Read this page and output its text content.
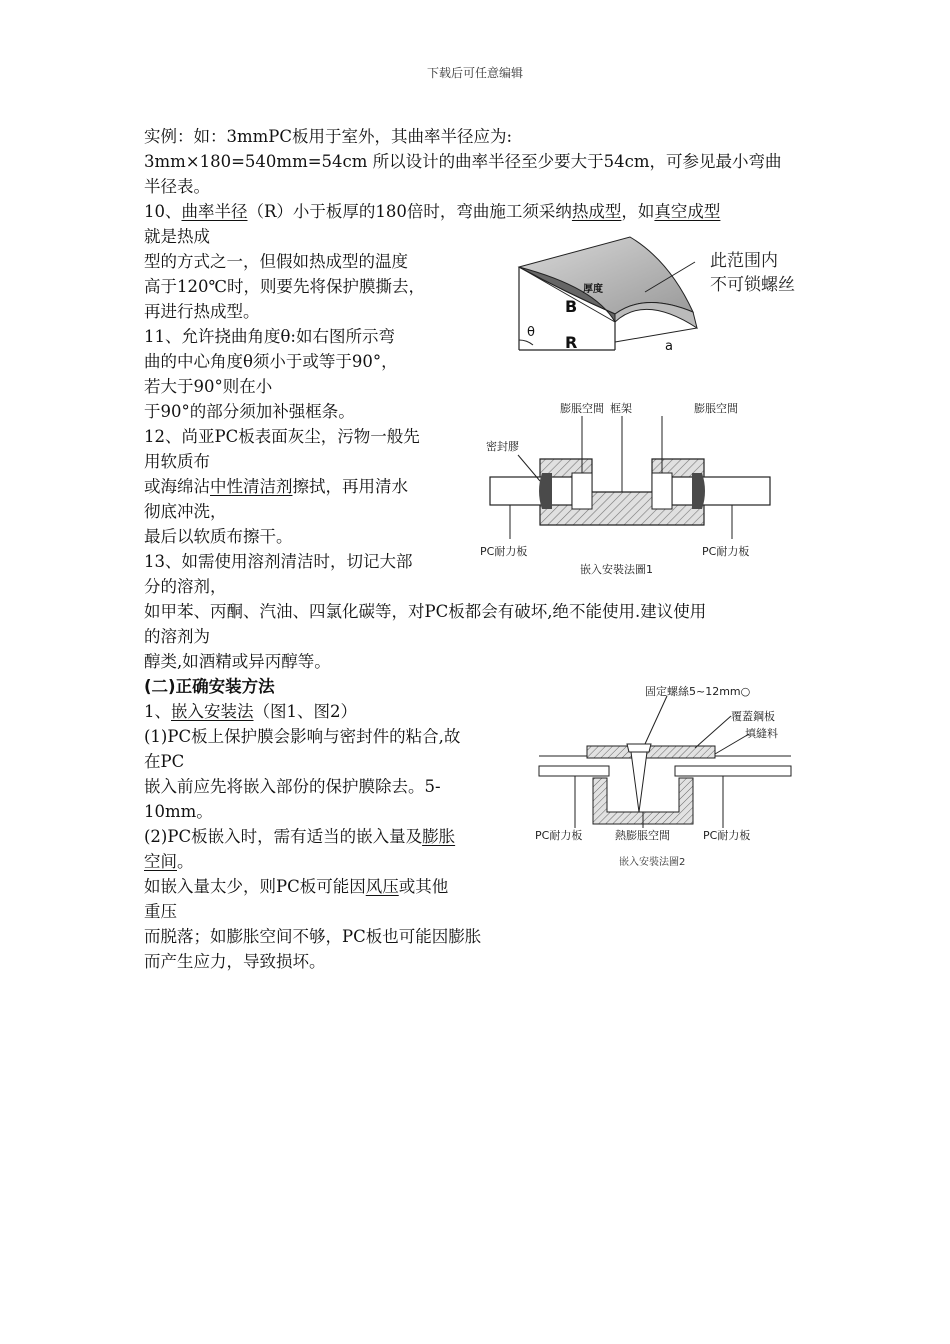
下载后可任意编辑
实例：如：3mmPC板用于室外，其曲率半径应为:
3mm×180=540mm=54cm 所以设计的曲率半径至少要大于54cm，可参见最小弯曲
半径表。
10、曲率半径（R）小于板厚的180倍时，弯曲施工须采纳热成型，如真空成型
就是热成
型的方式之一，但假如热成型的温度
高于120℃时，则要先将保护膜撕去，
再进行热成型。
11、允许挠曲角度θ:如右图所示弯
曲的中心角度θ须小于或等于90°，
若大于90°则在小
于90°的部分须加补强框条。
12、尚亚PC板表面灰尘，污物一般先
用软质布
或海绵沾中性清洁剂擦拭，再用清水
彻底冲洗，
最后以软质布擦干。
13、如需使用溶剂清洁时，切记大部
分的溶剂，
如甲苯、丙酮、汽油、四氯化碳等，对PC板都会有破坏,绝不能使用.建议使用
的溶剂为
醇类,如酒精或异丙醇等。
(二)正确安装方法
1、嵌入安装法（图1、图2）
(1)PC板上保护膜会影响与密封件的粘合,故
在PC
嵌入前应先将嵌入部份的保护膜除去。5-
10mm。
(2)PC板嵌入时，需有适当的嵌入量及膨胀
空间。
如嵌入量太少，则PC板可能因风压或其他
重压
而脱落；如膨胀空间不够，PC板也可能因膨胀
而产生应力，导致损坏。
厚度
B
θ
R	a
此范围内
不可锁螺丝
膨脹空間 框架	膨脹空間
密封膠
PC耐力板	PC耐力板
嵌入安裝法圖1
固定螺絲5~12mm○
覆蓋鋼板
填縫料
PC耐力板	熱膨脹空間	PC耐力板
嵌入安裝法圖2
